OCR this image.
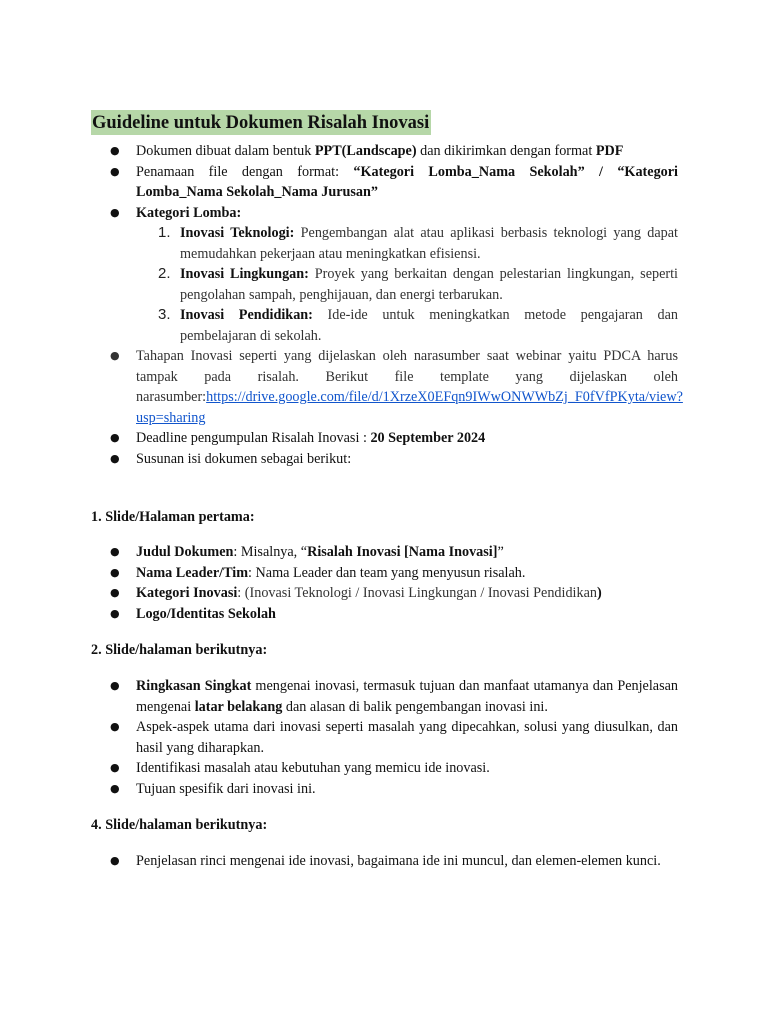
Guideline untuk Dokumen Risalah Inovasi
● Dokumen dibuat dalam bentuk PPT(Landscape) dan dikirimkan dengan format PDF
● Penamaan file dengan format: “Kategori Lomba_Nama Sekolah” / “Kategori Lomba_Nama Sekolah_Nama Jurusan”
● Kategori Lomba:
1. Inovasi Teknologi: Pengembangan alat atau aplikasi berbasis teknologi yang dapat memudahkan pekerjaan atau meningkatkan efisiensi.
2. Inovasi Lingkungan: Proyek yang berkaitan dengan pelestarian lingkungan, seperti pengolahan sampah, penghijauan, dan energi terbarukan.
3. Inovasi Pendidikan: Ide-ide untuk meningkatkan metode pengajaran dan pembelajaran di sekolah.
● Tahapan Inovasi seperti yang dijelaskan oleh narasumber saat webinar yaitu PDCA harus tampak pada risalah. Berikut file template yang dijelaskan oleh narasumber:https://drive.google.com/file/d/1XrzeX0EFqn9IWwONWWbZj_F0fVfPKyta/view?usp=sharing
● Deadline pengumpulan Risalah Inovasi : 20 September 2024
● Susunan isi dokumen sebagai berikut:
1. Slide/Halaman pertama:
● Judul Dokumen: Misalnya, “Risalah Inovasi [Nama Inovasi]”
● Nama Leader/Tim: Nama Leader dan team yang menyusun risalah.
● Kategori Inovasi: (Inovasi Teknologi / Inovasi Lingkungan / Inovasi Pendidikan)
● Logo/Identitas Sekolah
2. Slide/halaman berikutnya:
● Ringkasan Singkat mengenai inovasi, termasuk tujuan dan manfaat utamanya dan Penjelasan mengenai latar belakang dan alasan di balik pengembangan inovasi ini.
● Aspek-aspek utama dari inovasi seperti masalah yang dipecahkan, solusi yang diusulkan, dan hasil yang diharapkan.
● Identifikasi masalah atau kebutuhan yang memicu ide inovasi.
● Tujuan spesifik dari inovasi ini.
4. Slide/halaman berikutnya:
● Penjelasan rinci mengenai ide inovasi, bagaimana ide ini muncul, dan elemen-elemen kunci.
